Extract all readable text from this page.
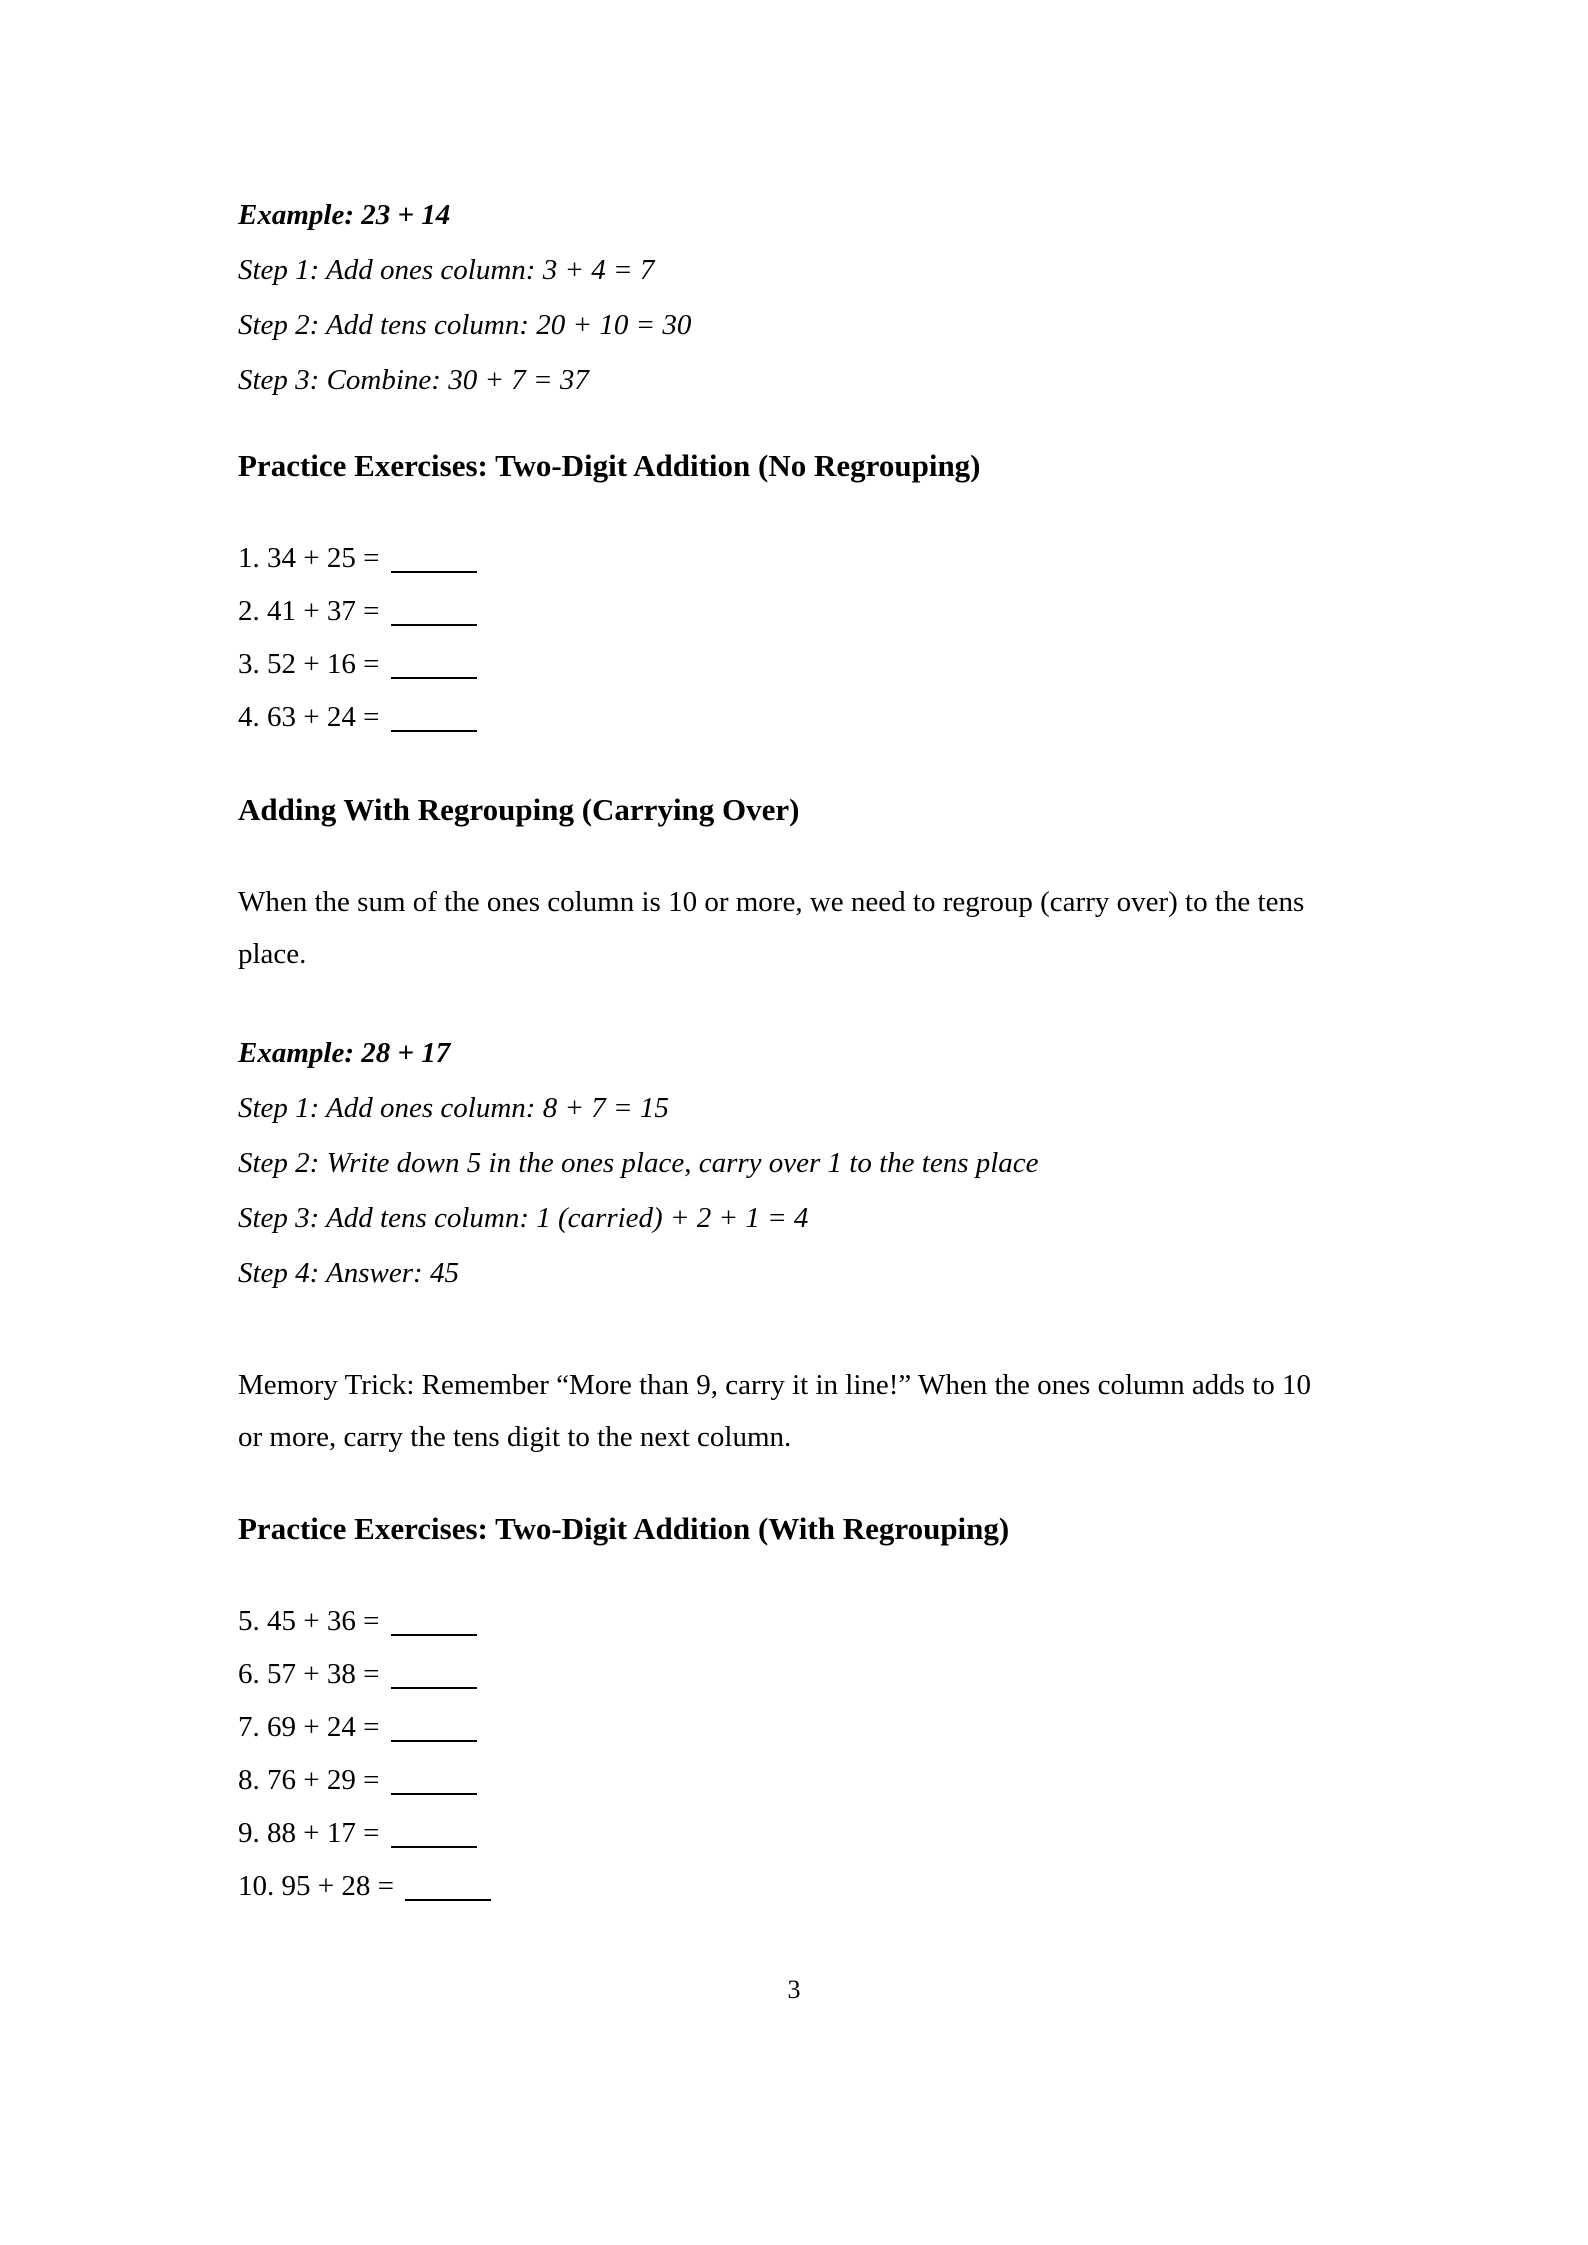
Example: 23 + 14
Step 1: Add ones column: 3 + 4 = 7
Step 2: Add tens column: 20 + 10 = 30
Step 3: Combine: 30 + 7 = 37
Practice Exercises: Two-Digit Addition (No Regrouping)
1. 34 + 25 =
2. 41 + 37 =
3. 52 + 16 =
4. 63 + 24 =
Adding With Regrouping (Carrying Over)
When the sum of the ones column is 10 or more, we need to regroup (carry over) to the tens place.
Example: 28 + 17
Step 1: Add ones column: 8 + 7 = 15
Step 2: Write down 5 in the ones place, carry over 1 to the tens place
Step 3: Add tens column: 1 (carried) + 2 + 1 = 4
Step 4: Answer: 45
Memory Trick: Remember “More than 9, carry it in line!” When the ones column adds to 10 or more, carry the tens digit to the next column.
Practice Exercises: Two-Digit Addition (With Regrouping)
5. 45 + 36 =
6. 57 + 38 =
7. 69 + 24 =
8. 76 + 29 =
9. 88 + 17 =
10. 95 + 28 =
3
